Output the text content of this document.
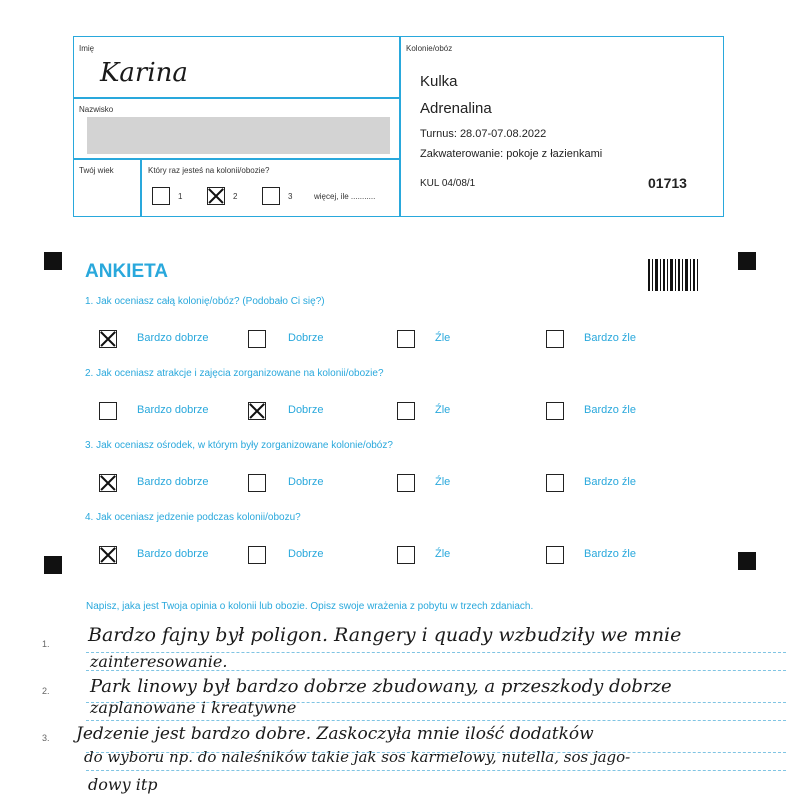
Imię
Karina
Nazwisko
Twój wiek	Który raz jesteś na kolonii/obozie?
1	2	3	więcej, ile ...........
Kolonie/obóz
Kulka
Adrenalina
Turnus: 28.07-07.08.2022
Zakwaterowanie: pokoje z łazienkami
KUL 04/08/1	01713
ANKIETA
1. Jak oceniasz całą kolonię/obóz? (Podobało Ci się?)
Bardzo dobrze	Dobrze	Źle	Bardzo źle
2. Jak oceniasz atrakcje i zajęcia zorganizowane na kolonii/obozie?
Bardzo dobrze	Dobrze	Źle	Bardzo źle
3. Jak oceniasz ośrodek, w którym były zorganizowane kolonie/obóz?
Bardzo dobrze	Dobrze	Źle	Bardzo źle
4. Jak oceniasz jedzenie podczas kolonii/obozu?
Bardzo dobrze	Dobrze	Źle	Bardzo źle
Napisz, jaka jest Twoja opinia o kolonii lub obozie. Opisz swoje wrażenia z pobytu w trzech zdaniach.
1.
2.
3.
Bardzo fajny był poligon. Rangery i quady wzbudziły we mnie
zainteresowanie.
Park linowy był bardzo dobrze zbudowany, a przeszkody dobrze
zaplanowane i kreatywne
Jedzenie jest bardzo dobre. Zaskoczyła mnie ilość dodatków
do wyboru np. do naleśników takie jak sos karmelowy, nutella, sos jago-
dowy itp
